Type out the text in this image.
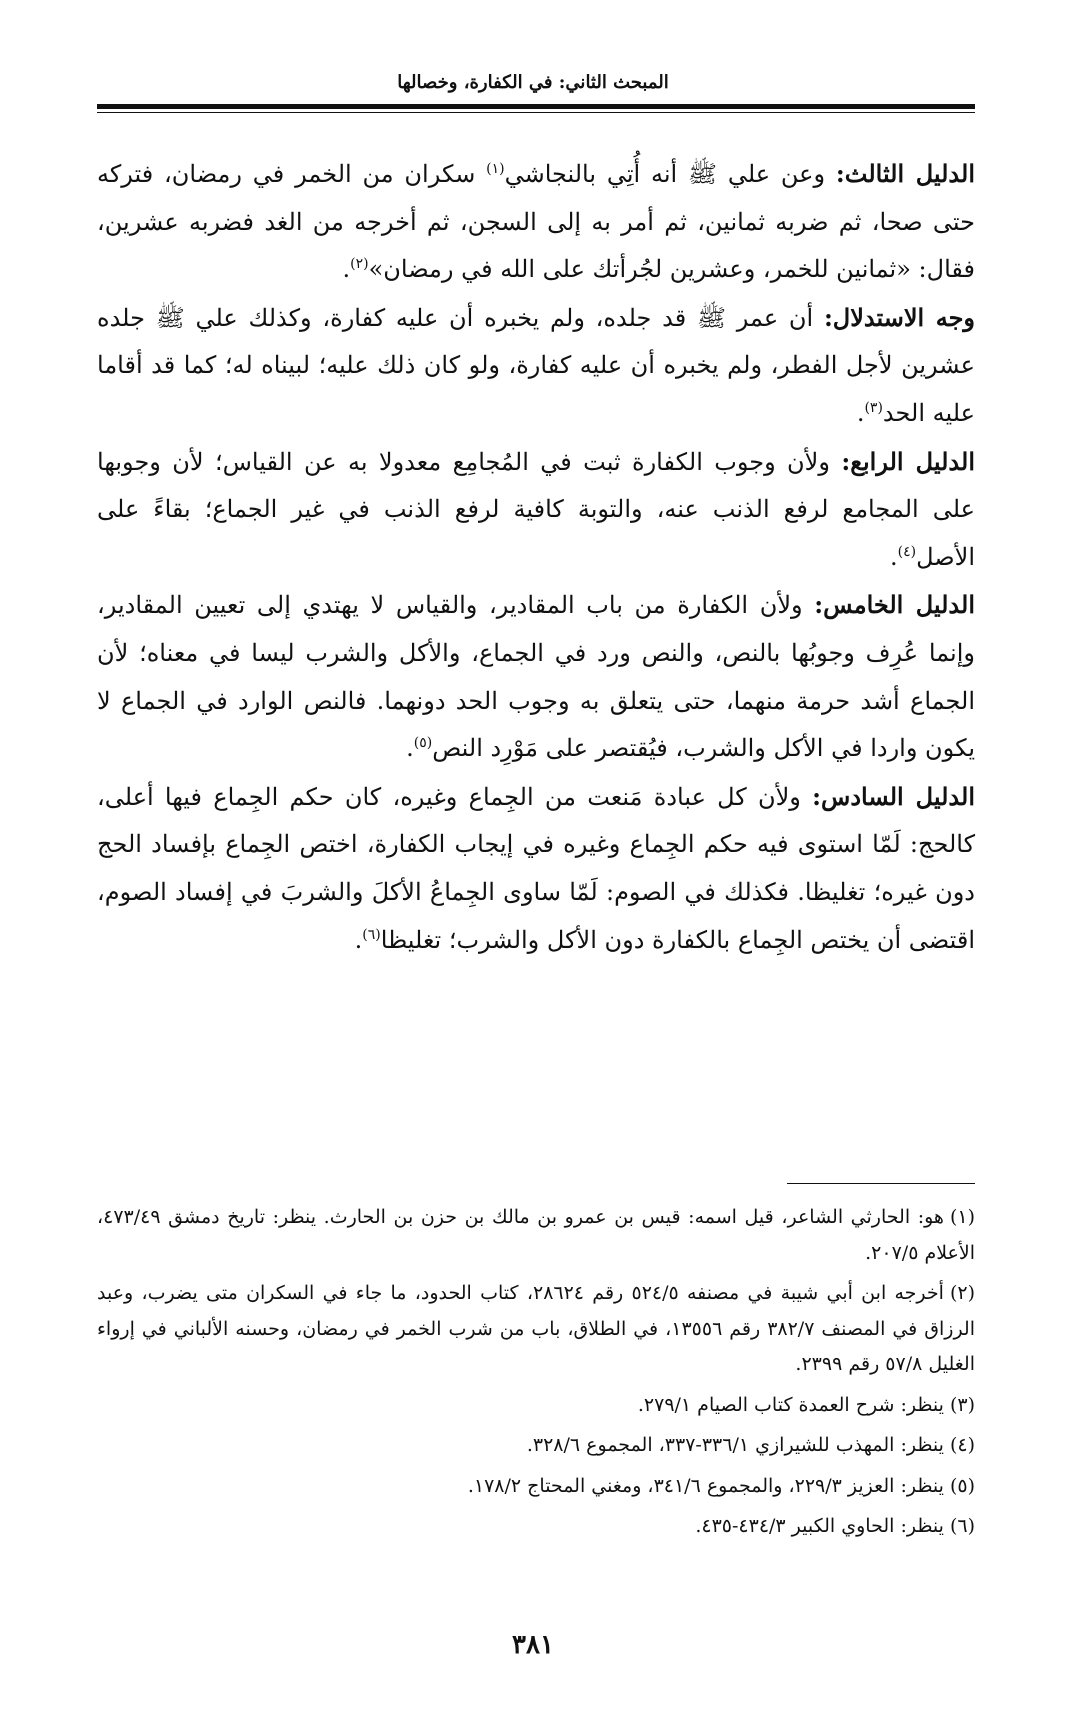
المبحث الثاني: في الكفارة، وخصالها

الدليل الثالث: وعن علي ﷺ أنه أُتِي بالنجاشي$^{(١)}$ سكران من الخمر في رمضان، فتركه حتى صحا، ثم ضربه ثمانين، ثم أمر به إلى السجن، ثم أخرجه من الغد فضربه عشرين، فقال: «ثمانين للخمر، وعشرين لجُرأتك على الله في رمضان»$^{(٢)}$.

وجه الاستدلال: أن عمر ﷺ قد جلده، ولم يخبره أن عليه كفارة، وكذلك علي ﷺ جلده عشرين لأجل الفطر، ولم يخبره أن عليه كفارة، ولو كان ذلك عليه؛ لبيناه له؛ كما قد أقاما عليه الحد$^{(٣)}$.

الدليل الرابع: ولأن وجوب الكفارة ثبت في المُجامِع معدولا به عن القياس؛ لأن وجوبها على المجامع لرفع الذنب عنه، والتوبة كافية لرفع الذنب في غير الجماع؛ بقاءً على الأصل$^{(٤)}$.

الدليل الخامس: ولأن الكفارة من باب المقادير، والقياس لا يهتدي إلى تعيين المقادير، وإنما عُرِف وجوبُها بالنص، والنص ورد في الجماع، والأكل والشرب ليسا في معناه؛ لأن الجماع أشد حرمة منهما، حتى يتعلق به وجوب الحد دونهما. فالنص الوارد في الجماع لا يكون واردا في الأكل والشرب، فيُقتصر على مَوْرِد النص$^{(٥)}$.

الدليل السادس: ولأن كل عبادة مَنعت من الجِماع وغيره، كان حكم الجِماع فيها أعلى، كالحج: لَمّا استوى فيه حكم الجِماع وغيره في إيجاب الكفارة، اختص الجِماع بإفساد الحج دون غيره؛ تغليظا. فكذلك في الصوم: لَمّا ساوى الجِماعُ الأكلَ والشربَ في إفساد الصوم، اقتضى أن يختص الجِماع بالكفارة دون الأكل والشرب؛ تغليظا$^{(٦)}$.

(١)هو: الحارثي الشاعر، قيل اسمه: قيس بن عمرو بن مالك بن حزن بن الحارث. ينظر: تاريخ دمشق ٤٧٣/٤٩، الأعلام ٢٠٧/٥.

(٢)أخرجه ابن أبي شيبة في مصنفه ٥٢٤/٥ رقم ٢٨٦٢٤، كتاب الحدود، ما جاء في السكران متى يضرب، وعبد الرزاق في المصنف ٣٨٢/٧ رقم ١٣٥٥٦، في الطلاق، باب من شرب الخمر في رمضان، وحسنه الألباني في إرواء الغليل ٥٧/٨ رقم ٢٣٩٩.

(٣)ينظر: شرح العمدة كتاب الصيام ٢٧٩/١.

(٤)ينظر: المهذب للشيرازي ٣٣٦/١-٣٣٧، المجموع ٣٢٨/٦.

(٥)ينظر: العزيز ٢٢٩/٣، والمجموع ٣٤١/٦، ومغني المحتاج ١٧٨/٢.

(٦)ينظر: الحاوي الكبير ٤٣٤/٣-٤٣٥.

٣٨١
